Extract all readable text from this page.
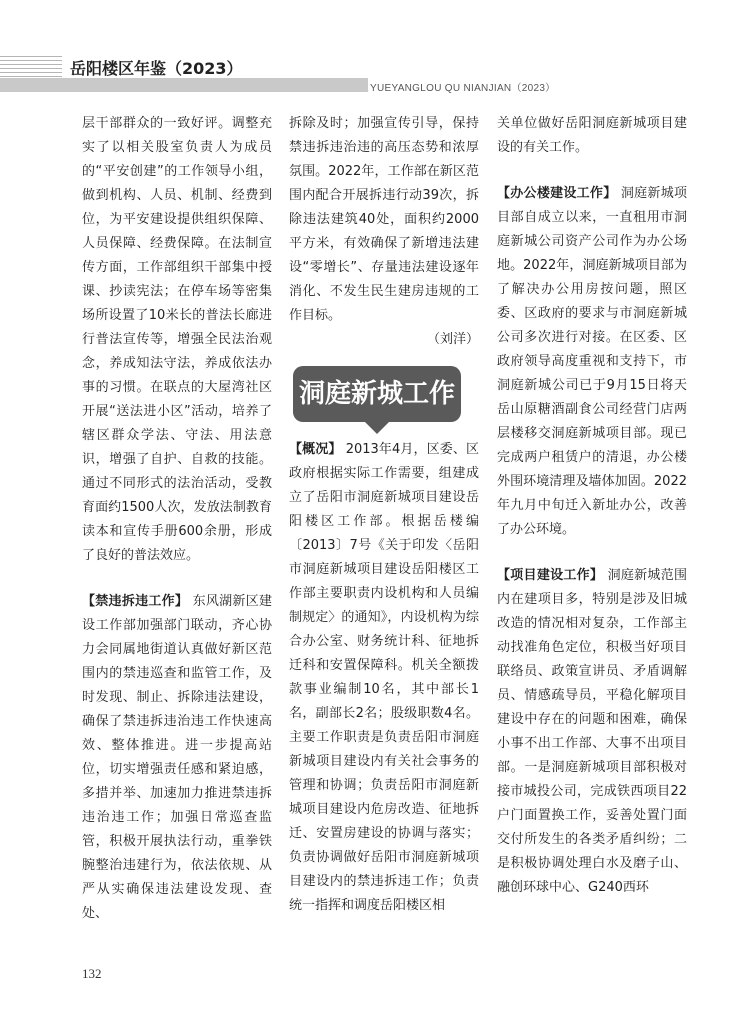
岳阳楼区年鉴（2023）
YUEYANGLOU QU NIANJIAN（2023）

层干部群众的一致好评。调整充实了以相关股室负责人为成员的“平安创建”的工作领导小组，做到机构、人员、机制、经费到位，为平安建设提供组织保障、人员保障、经费保障。在法制宣传方面，工作部组织干部集中授课、抄读宪法；在停车场等密集场所设置了10米长的普法长廊进行普法宣传等，增强全民法治观念，养成知法守法，养成依法办事的习惯。在联点的大屋湾社区开展“送法进小区”活动，培养了辖区群众学法、守法、用法意识，增强了自护、自救的技能。通过不同形式的法治活动，受教育面约1500人次，发放法制教育读本和宣传手册600余册，形成了良好的普法效应。

【禁违拆违工作】 东风湖新区建设工作部加强部门联动，齐心协力会同属地街道认真做好新区范围内的禁违巡查和监管工作，及时发现、制止、拆除违法建设，确保了禁违拆违治违工作快速高效、整体推进。进一步提高站位，切实增强责任感和紧迫感，多措并举、加速加力推进禁违拆违治违工作；加强日常巡查监管，积极开展执法行动，重拳铁腕整治违建行为，依法依规、从严从实确保违法建设发现、查处、

拆除及时；加强宣传引导，保持禁违拆违治违的高压态势和浓厚氛围。2022年，工作部在新区范围内配合开展拆违行动39次，拆除违法建筑40处，面积约2000平方米，有效确保了新增违法建设“零增长”、存量违法建设逐年消化、不发生民生建房违规的工作目标。

（刘洋）

洞庭新城工作

【概况】 2013年4月，区委、区政府根据实际工作需要，组建成立了岳阳市洞庭新城项目建设岳阳楼区工作部。根据岳楼编〔2013〕7号《关于印发〈岳阳市洞庭新城项目建设岳阳楼区工作部主要职责内设机构和人员编制规定〉的通知》，内设机构为综合办公室、财务统计科、征地拆迁科和安置保障科。机关全额拨款事业编制10名，其中部长1名，副部长2名；股级职数4名。主要工作职责是负责岳阳市洞庭新城项目建设内有关社会事务的管理和协调；负责岳阳市洞庭新城项目建设内危房改造、征地拆迁、安置房建设的协调与落实；负责协调做好岳阳市洞庭新城项目建设内的禁违拆违工作；负责统一指挥和调度岳阳楼区相

关单位做好岳阳洞庭新城项目建设的有关工作。

【办公楼建设工作】 洞庭新城项目部自成立以来，一直租用市洞庭新城公司资产公司作为办公场地。2022年，洞庭新城项目部为了解决办公用房按问题，照区委、区政府的要求与市洞庭新城公司多次进行对接。在区委、区政府领导高度重视和支持下，市洞庭新城公司已于9月15日将天岳山原糖酒副食公司经营门店两层楼移交洞庭新城项目部。现已完成两户租赁户的清退，办公楼外围环境清理及墙体加固。2022年九月中旬迁入新址办公，改善了办公环境。

【项目建设工作】 洞庭新城范围内在建项目多，特别是涉及旧城改造的情况相对复杂，工作部主动找准角色定位，积极当好项目联络员、政策宣讲员、矛盾调解员、情感疏导员，平稳化解项目建设中存在的问题和困难，确保小事不出工作部、大事不出项目部。一是洞庭新城项目部积极对接市城投公司，完成铁西项目22户门面置换工作，妥善处置门面交付所发生的各类矛盾纠纷；二是积极协调处理白水及磨子山、融创环球中心、G240西环

132
